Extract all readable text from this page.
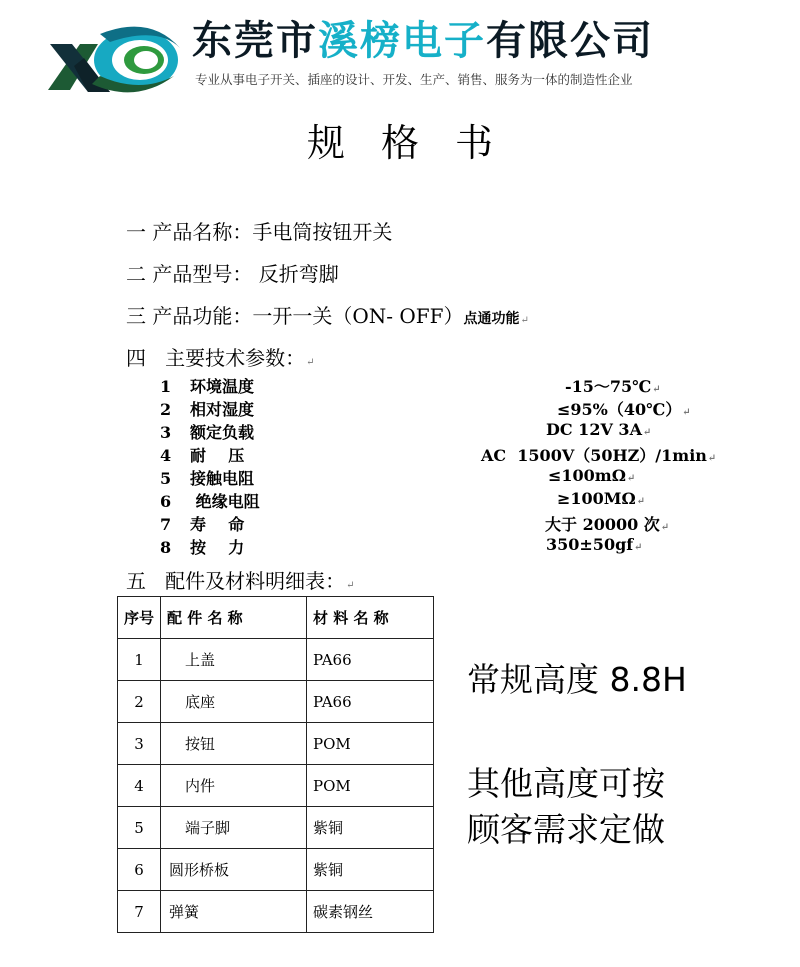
东莞市溪榜电子有限公司
专业从事电子开关、插座的设计、开发、生产、销售、服务为一体的制造性企业
规格书
一 产品名称：手电筒按钮开关
二 产品型号： 反折弯脚
三 产品功能：一开一关（ON- OFF）点通功能↵
四 主要技术参数：↵
1 环境温度	-15～75℃↵
2 相对湿度	≤95%（40℃）↵
3 额定负载	DC 12V 3A↵
4 耐    压	AC  1500V（50HZ）/1min↵
5 接触电阻	≤100mΩ↵
6 绝缘电阻	≥100MΩ↵
7 寿    命	大于 20000 次↵
8 按    力	350±50gf↵
五 配件及材料明细表：↵
序号	配 件 名 称	材 料 名 称
1	上盖	PA66
2	底座	PA66
3	按钮	POM
4	内件	POM
5	端子脚	紫铜
6	圆形桥板	紫铜
7	弹簧	碳素钢丝
常规高度 8.8H
其他高度可按
顾客需求定做
